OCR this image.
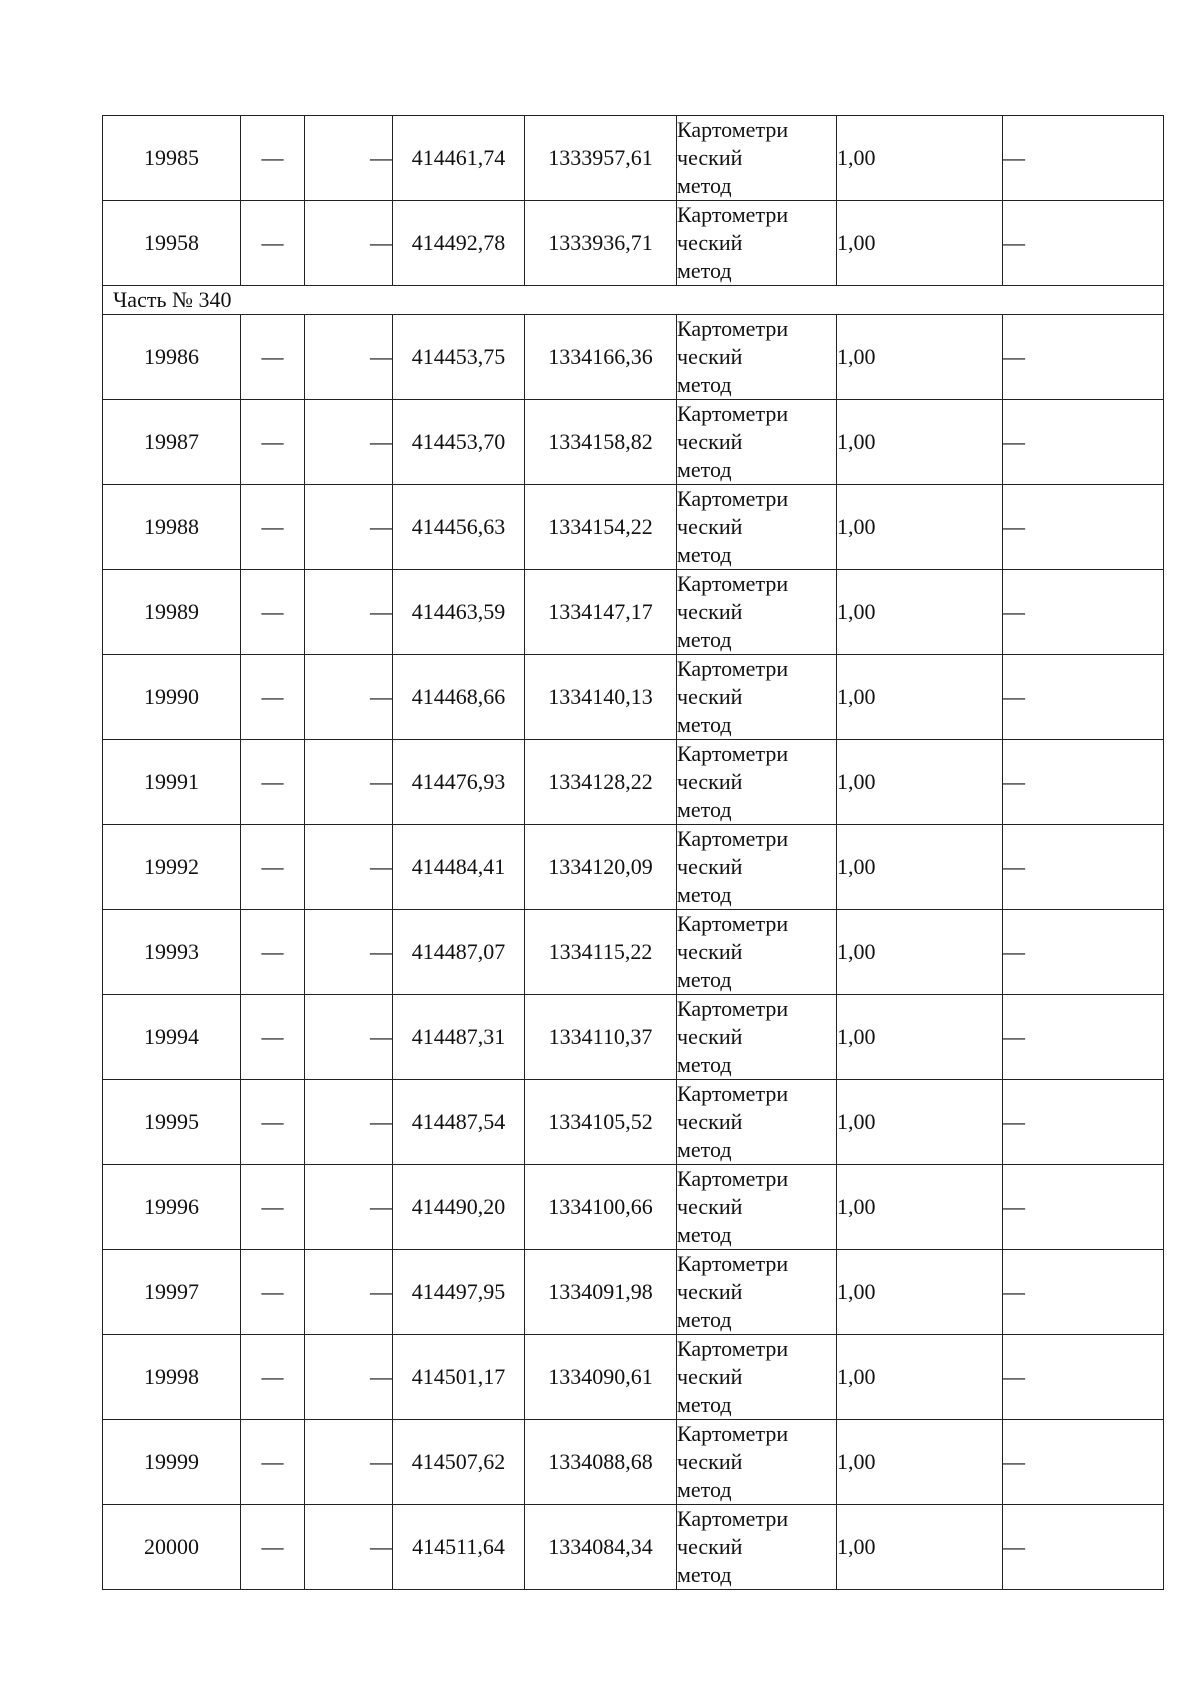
19985	—	—	414461,74	1333957,61	Картометри
ческий
метод	1,00	—
19958	—	—	414492,78	1333936,71	Картометри
ческий
метод	1,00	—
Часть № 340							
19986	—	—	414453,75	1334166,36	Картометри
ческий
метод	1,00	—
19987	—	—	414453,70	1334158,82	Картометри
ческий
метод	1,00	—
19988	—	—	414456,63	1334154,22	Картометри
ческий
метод	1,00	—
19989	—	—	414463,59	1334147,17	Картометри
ческий
метод	1,00	—
19990	—	—	414468,66	1334140,13	Картометри
ческий
метод	1,00	—
19991	—	—	414476,93	1334128,22	Картометри
ческий
метод	1,00	—
19992	—	—	414484,41	1334120,09	Картометри
ческий
метод	1,00	—
19993	—	—	414487,07	1334115,22	Картометри
ческий
метод	1,00	—
19994	—	—	414487,31	1334110,37	Картометри
ческий
метод	1,00	—
19995	—	—	414487,54	1334105,52	Картометри
ческий
метод	1,00	—
19996	—	—	414490,20	1334100,66	Картометри
ческий
метод	1,00	—
19997	—	—	414497,95	1334091,98	Картометри
ческий
метод	1,00	—
19998	—	—	414501,17	1334090,61	Картометри
ческий
метод	1,00	—
19999	—	—	414507,62	1334088,68	Картометри
ческий
метод	1,00	—
20000	—	—	414511,64	1334084,34	Картометри
ческий
метод	1,00	—
